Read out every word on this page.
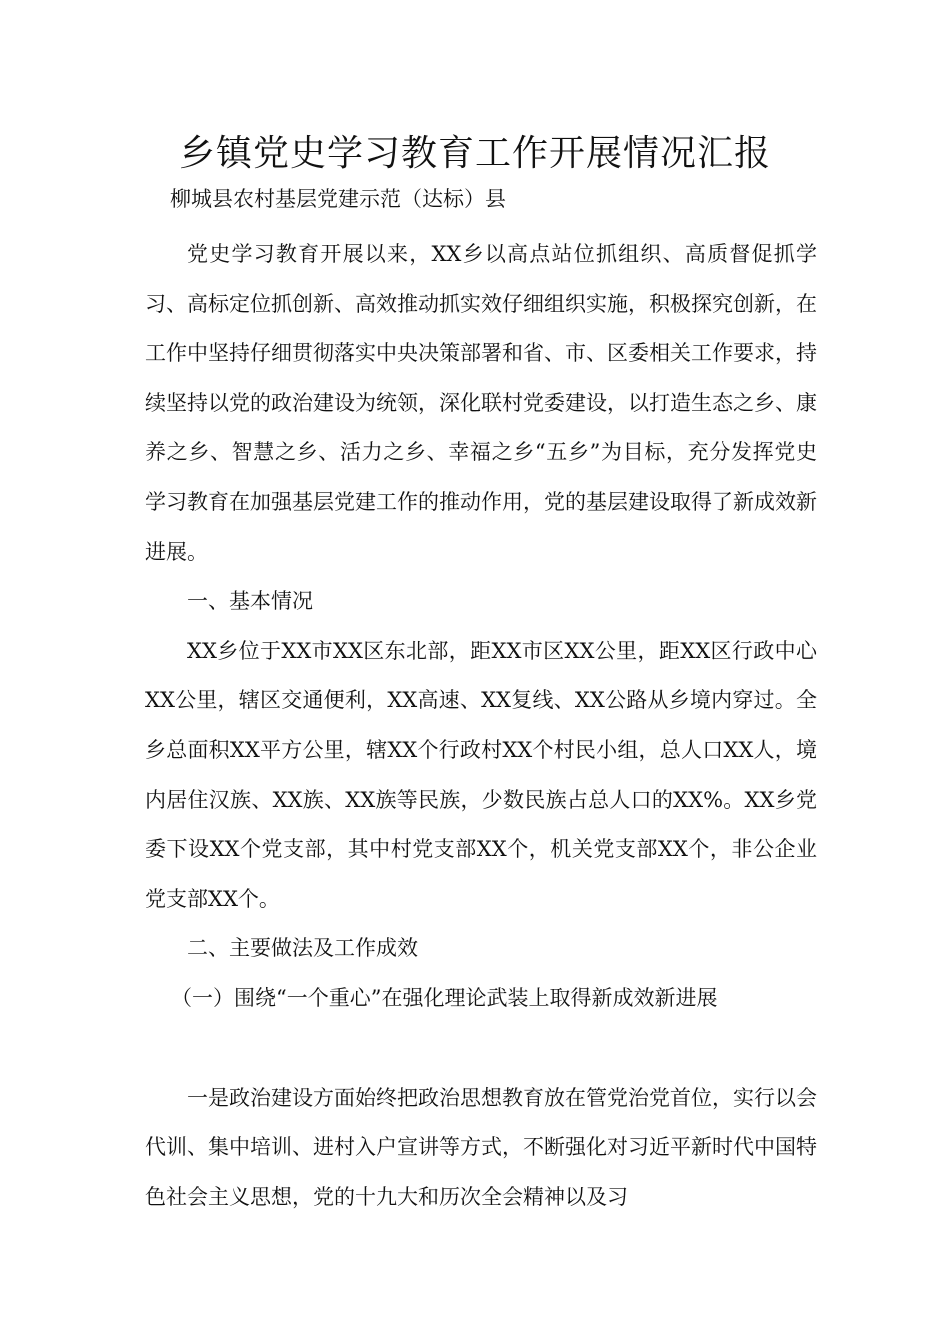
乡镇党史学习教育工作开展情况汇报

柳城县农村基层党建示范（达标）县

党史学习教育开展以来，XX乡以高点站位抓组织、高质督促抓学习、高标定位抓创新、高效推动抓实效仔细组织实施，积极探究创新，在工作中坚持仔细贯彻落实中央决策部署和省、市、区委相关工作要求，持续坚持以党的政治建设为统领，深化联村党委建设，以打造生态之乡、康养之乡、智慧之乡、活力之乡、幸福之乡“五乡”为目标，充分发挥党史学习教育在加强基层党建工作的推动作用，党的基层建设取得了新成效新进展。

一、基本情况

XX乡位于XX市XX区东北部，距XX市区XX公里，距XX区行政中心XX公里，辖区交通便利，XX高速、XX复线、XX公路从乡境内穿过。全乡总面积XX平方公里，辖XX个行政村XX个村民小组，总人口XX人，境内居住汉族、XX族、XX族等民族，少数民族占总人口的XX%。XX乡党委下设XX个党支部，其中村党支部XX个，机关党支部XX个，非公企业党支部XX个。

二、主要做法及工作成效

（一）围绕“一个重心”在强化理论武装上取得新成效新进展

一是政治建设方面始终把政治思想教育放在管党治党首位，实行以会代训、集中培训、进村入户宣讲等方式，不断强化对习近平新时代中国特色社会主义思想，党的十九大和历次全会精神以及习
